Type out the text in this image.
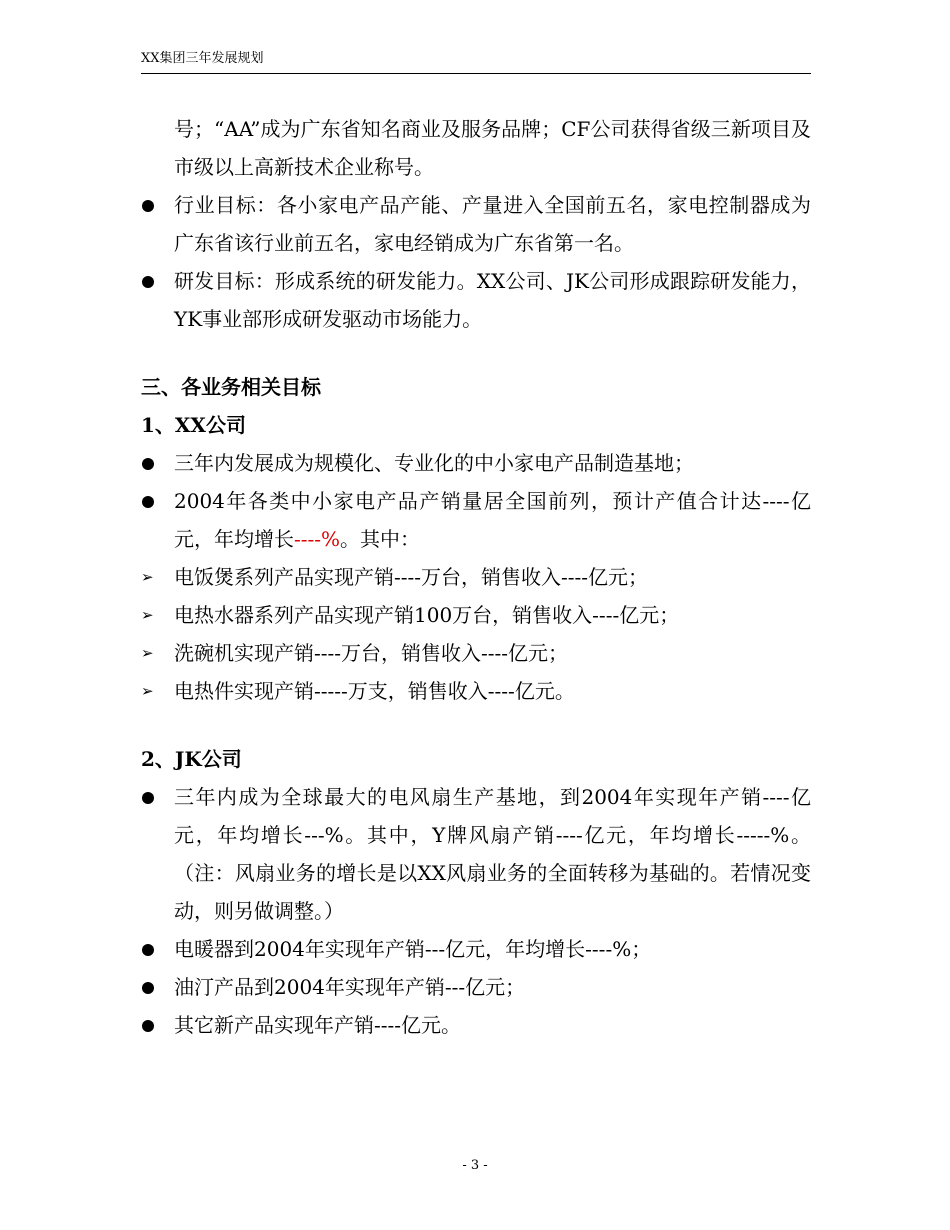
XX集团三年发展规划
号；“AA”成为广东省知名商业及服务品牌；CF公司获得省级三新项目及市级以上高新技术企业称号。
行业目标：各小家电产品产能、产量进入全国前五名，家电控制器成为广东省该行业前五名，家电经销成为广东省第一名。
研发目标：形成系统的研发能力。XX公司、JK公司形成跟踪研发能力，YK事业部形成研发驱动市场能力。
三、各业务相关目标
1、XX公司
三年内发展成为规模化、专业化的中小家电产品制造基地；
2004年各类中小家电产品产销量居全国前列，预计产值合计达----亿元，年均增长----%。其中：
➢	电饭煲系列产品实现产销----万台，销售收入----亿元；
➢	电热水器系列产品实现产销100万台，销售收入----亿元；
➢	洗碗机实现产销----万台，销售收入----亿元；
➢	电热件实现产销-----万支，销售收入----亿元。
2、JK公司
三年内成为全球最大的电风扇生产基地，到2004年实现年产销----亿元，年均增长---%。其中，Y牌风扇产销----亿元，年均增长-----%。（注：风扇业务的增长是以XX风扇业务的全面转移为基础的。若情况变动，则另做调整。）
电暖器到2004年实现年产销---亿元，年均增长----%；
油汀产品到2004年实现年产销---亿元；
其它新产品实现年产销----亿元。
- 3 -
